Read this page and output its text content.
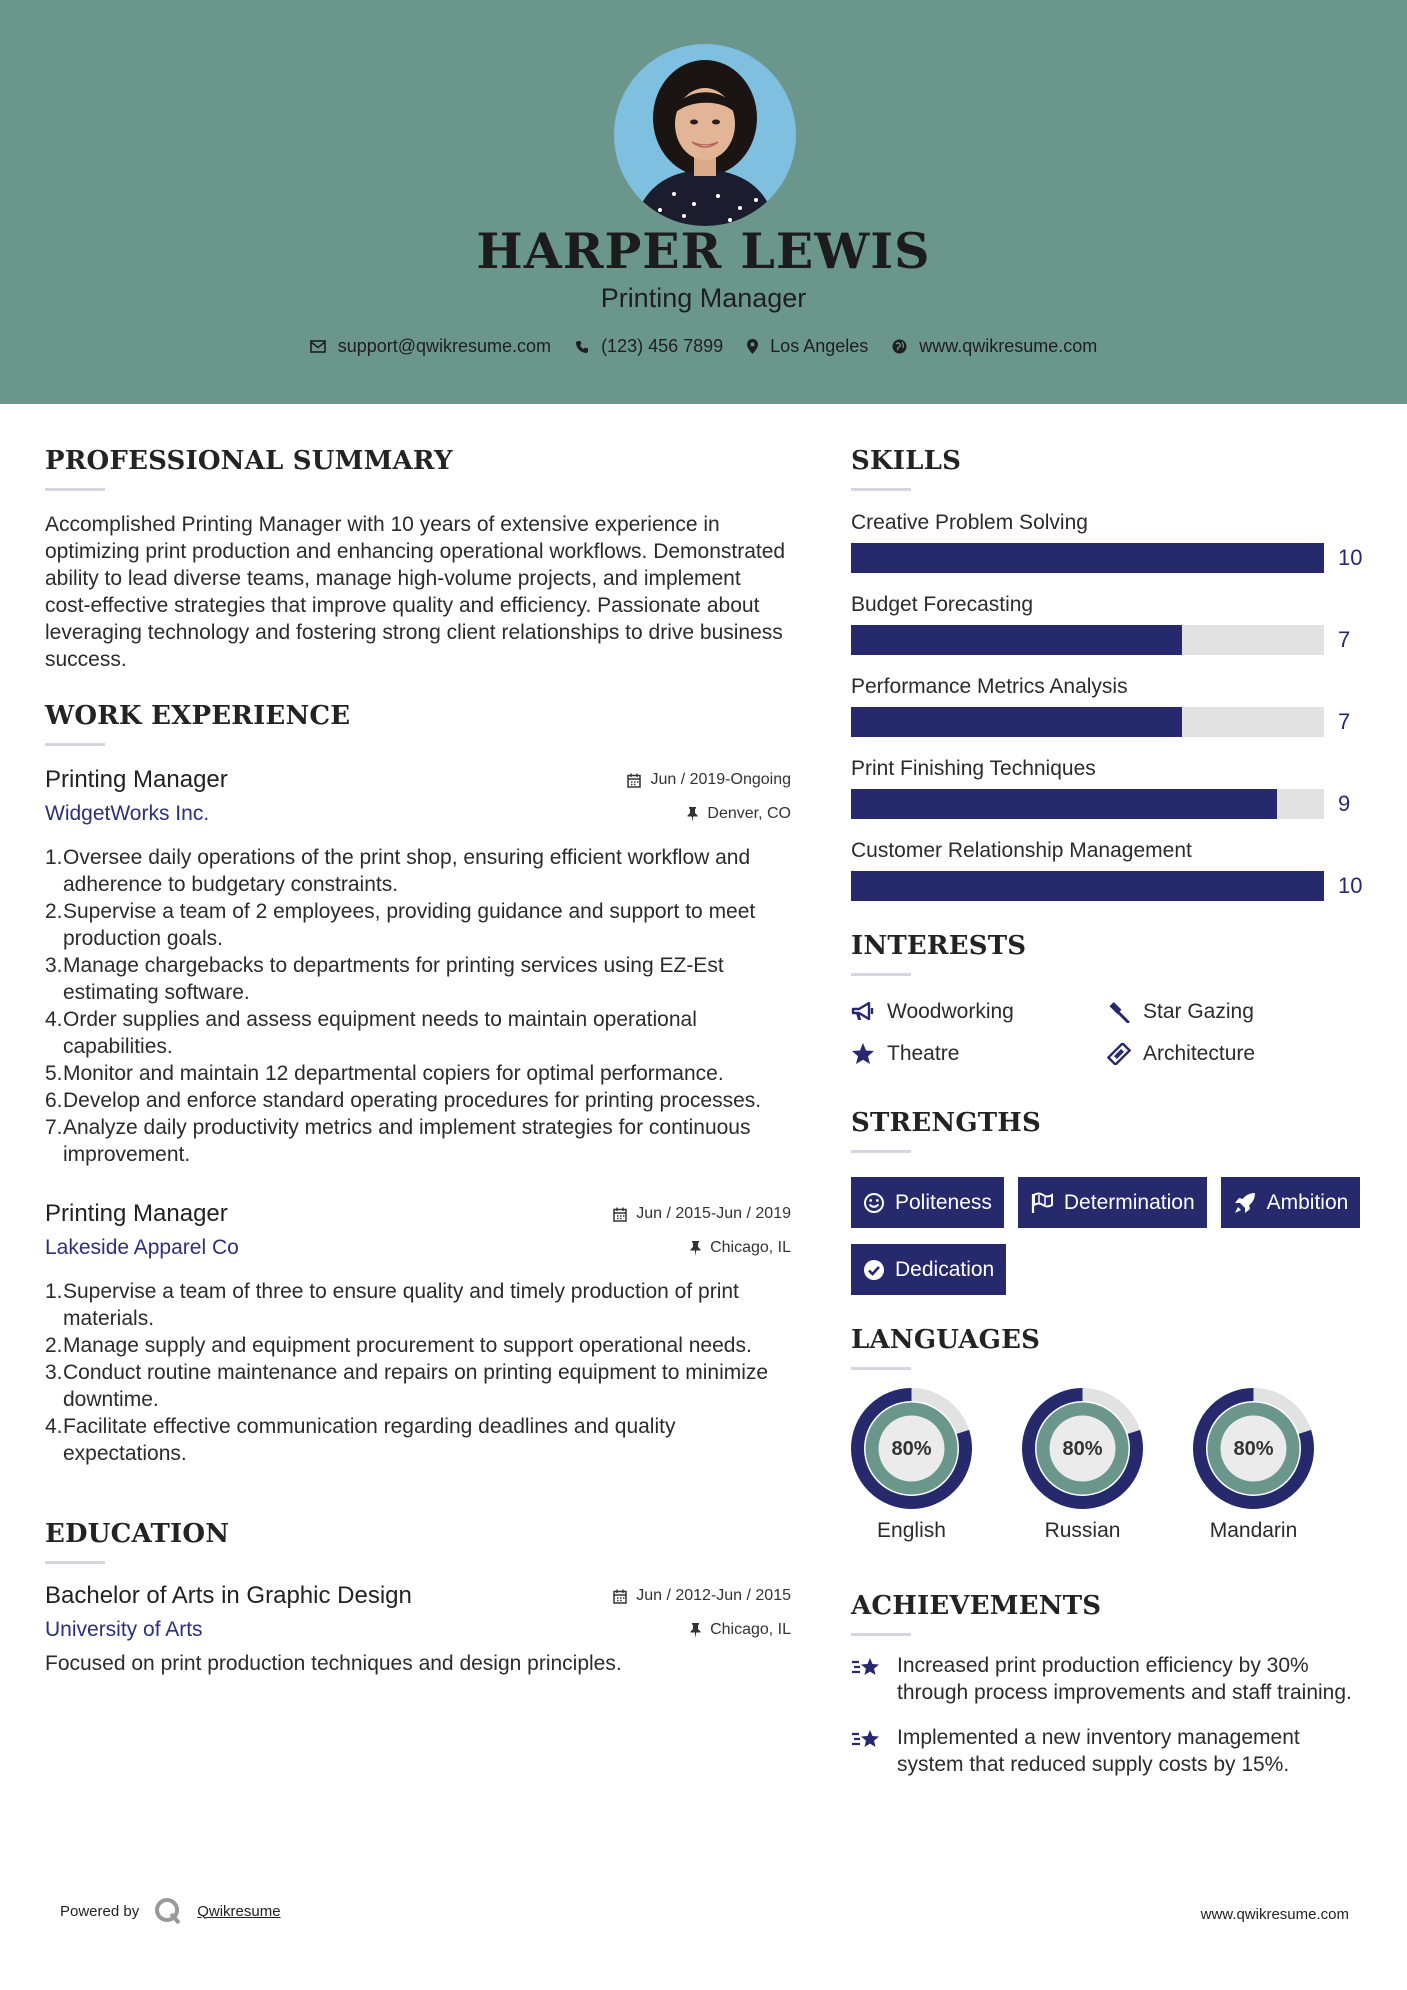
HARPER LEWIS
Printing Manager
support@qwikresume.com	(123) 456 7899	Los Angeles	www.qwikresume.com
PROFESSIONAL SUMMARY
Accomplished Printing Manager with 10 years of extensive experience in optimizing print production and enhancing operational workflows. Demonstrated ability to lead diverse teams, manage high-volume projects, and implement cost-effective strategies that improve quality and efficiency. Passionate about leveraging technology and fostering strong client relationships to drive business success.
WORK EXPERIENCE
Printing Manager	Jun / 2019-Ongoing
WidgetWorks Inc.	Denver, CO
1. Oversee daily operations of the print shop, ensuring efficient workflow and adherence to budgetary constraints.
2. Supervise a team of 2 employees, providing guidance and support to meet production goals.
3. Manage chargebacks to departments for printing services using EZ-Est estimating software.
4. Order supplies and assess equipment needs to maintain operational capabilities.
5. Monitor and maintain 12 departmental copiers for optimal performance.
6. Develop and enforce standard operating procedures for printing processes.
7. Analyze daily productivity metrics and implement strategies for continuous improvement.
Printing Manager	Jun / 2015-Jun / 2019
Lakeside Apparel Co	Chicago, IL
1. Supervise a team of three to ensure quality and timely production of print materials.
2. Manage supply and equipment procurement to support operational needs.
3. Conduct routine maintenance and repairs on printing equipment to minimize downtime.
4. Facilitate effective communication regarding deadlines and quality expectations.
EDUCATION
Bachelor of Arts in Graphic Design	Jun / 2012-Jun / 2015
University of Arts	Chicago, IL
Focused on print production techniques and design principles.
SKILLS
Creative Problem Solving
10
Budget Forecasting
7
Performance Metrics Analysis
7
Print Finishing Techniques
9
Customer Relationship Management
10
INTERESTS
Woodworking	Star Gazing
Theatre	Architecture
STRENGTHS
Politeness	Determination	Ambition
Dedication
LANGUAGES
80%
English
80%
Russian
80%
Mandarin
ACHIEVEMENTS
Increased print production efficiency by 30% through process improvements and staff training.
Implemented a new inventory management system that reduced supply costs by 15%.
Powered by	Qwikresume	www.qwikresume.com
